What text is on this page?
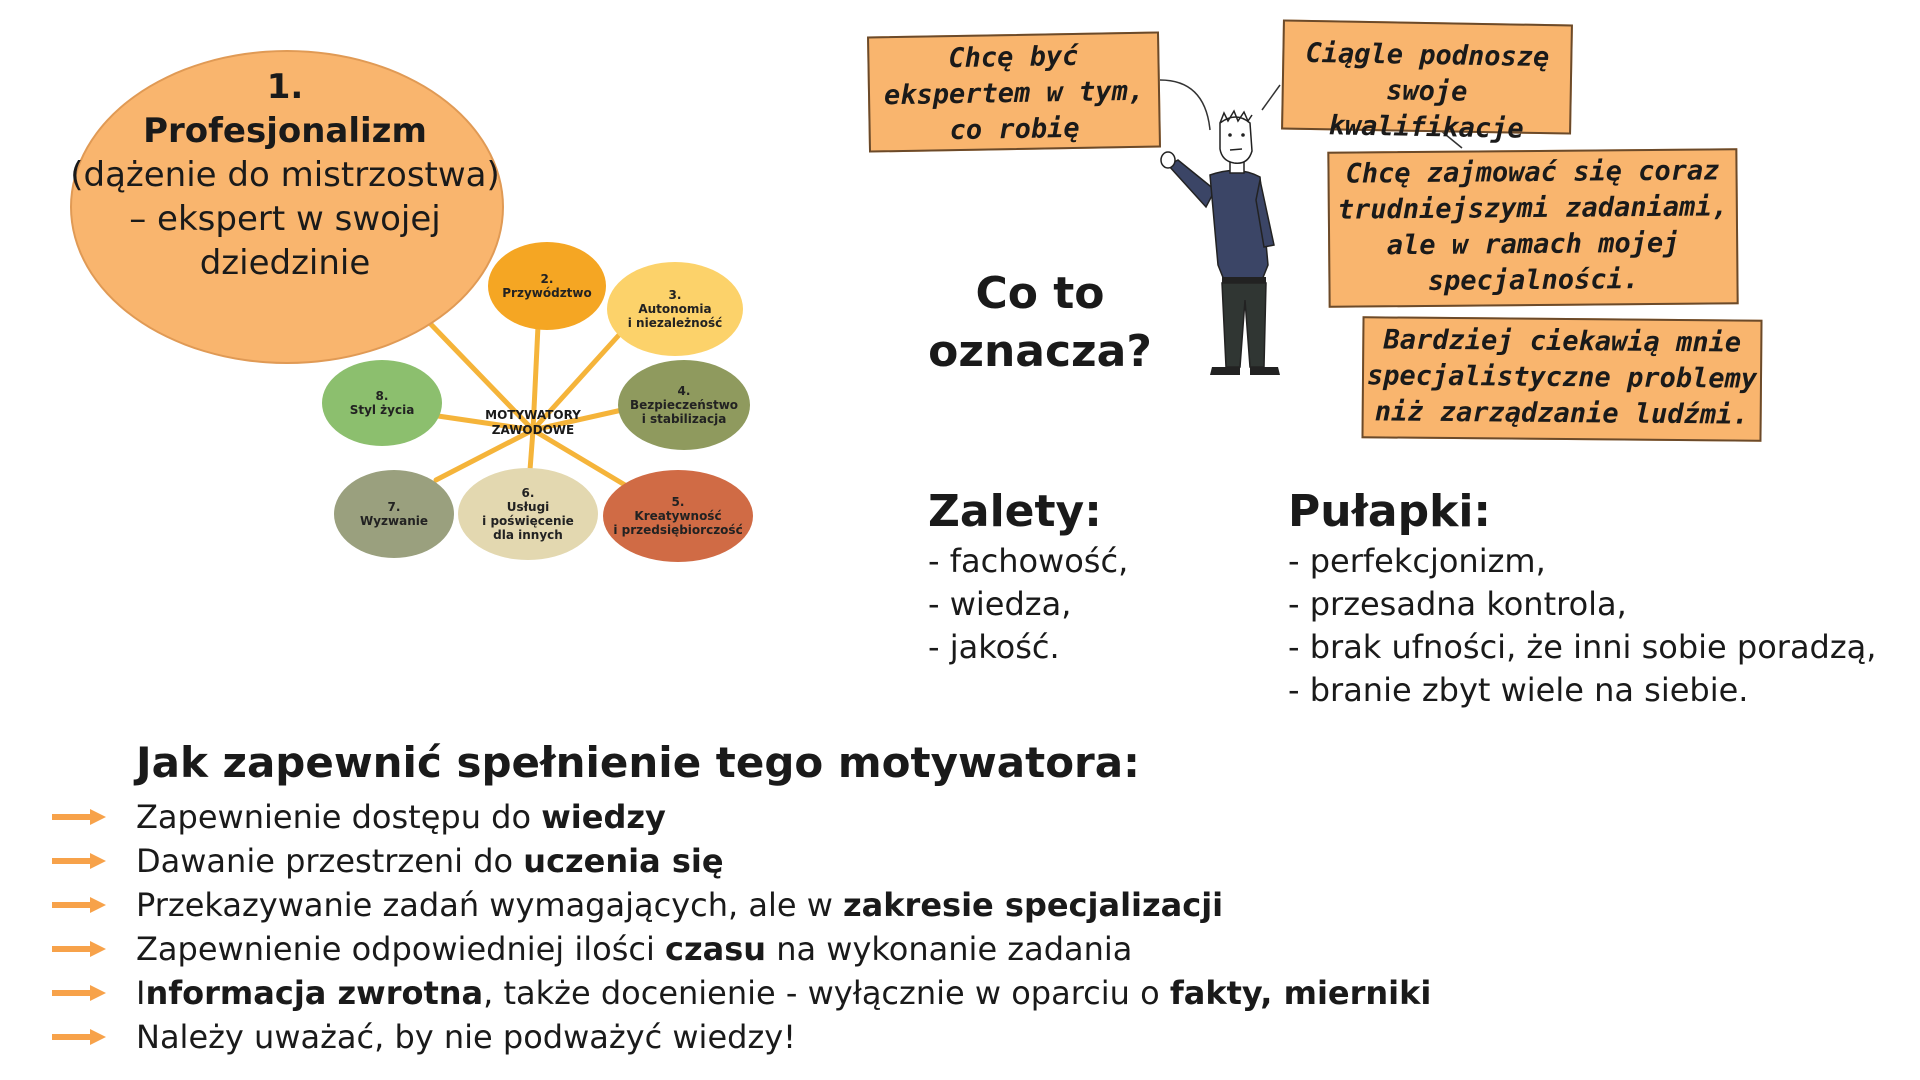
1.
Profesjonalizm
(dążenie do mistrzostwa)
– ekspert w swojej
dziedzinie	2.
Przywództwo	3.
Autonomia
i niezależność
4.
Bezpieczeństwo
i stabilizacja
5.
Kreatywność
i przedsiębiorczość
6.
Usługi
i poświęcenie
dla innych
7.
Wyzwanie
8.
Styl życia	MOTYWATORY
ZAWODOWE
Chcę być
ekspertem w tym,
co robię
Ciągle podnoszę
swoje kwalifikacje
Chcę zajmować się coraz
trudniejszymi zadaniami,
ale w ramach mojej
specjalności.
Bardziej ciekawią mnie
specjalistyczne problemy
niż zarządzanie ludźmi.
Co to
oznacza?
Zalety:
- fachowość,
- wiedza,
- jakość.
Pułapki:
- perfekcjonizm,
- przesadna kontrola,
- brak ufności, że inni sobie poradzą,
- branie zbyt wiele na siebie.
Jak zapewnić spełnienie tego motywatora:
Zapewnienie dostępu do wiedzy
Dawanie przestrzeni do uczenia się
Przekazywanie zadań wymagających, ale w zakresie specjalizacji
Zapewnienie odpowiedniej ilości czasu na wykonanie zadania
Informacja zwrotna, także docenienie - wyłącznie w oparciu o fakty, mierniki
Należy uważać, by nie podważyć wiedzy!
